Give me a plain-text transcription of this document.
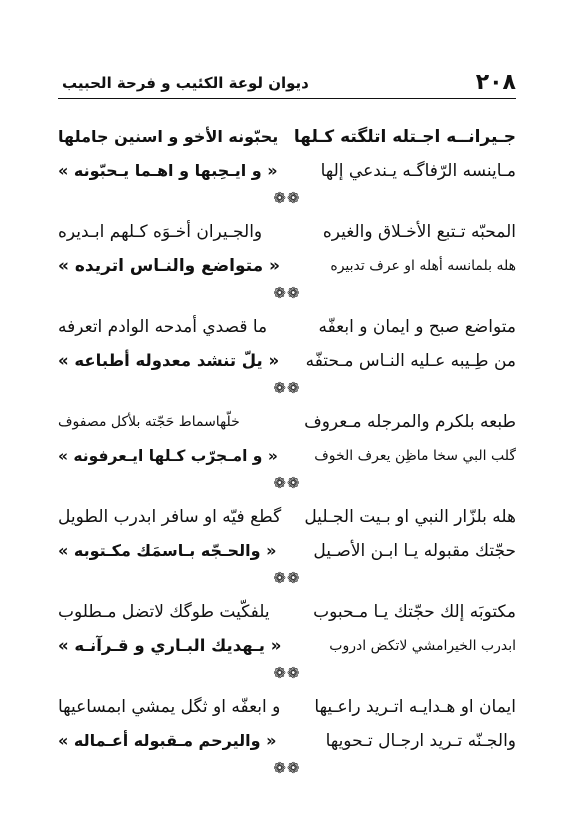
٢٠٨
ديوان لوعة الكئيب و فرحة الحبيب
جـيرانــه اجـتله اتلگته كـلها
يحبّونه الأخو و اسنين جاملها
مـاينسه الرّفاگـه يـندعي إلها
« و ايـحِبها و اهـما يـحبّونه »
❁❁
المحبّه تـتبع الأخـلاق والغيره
والجـيران أخـوَه كـلهم ابـديره
هله بلمانسه أهله او عرف تدبيره
« متواضع والنـاس اتريده »
❁❁
متواضع صبح و ايمان و ابعفّه
ما قصدي أمدحه الوادم اتعرفه
من طِـيبه عـليه النـاس مـحتفّه
« يلّ تنشد معدوله أطباعه »
❁❁
طبعه بلكرم والمرجله مـعروف
خلّهاسماط حَجّته بلأكل مصفوف
گلب البي سخا ماظِن يعرف الخوف
« و امـجرّب كـلها ايـعرفونه »
❁❁
هله بلزّار النبي او بـيت الجـليل
گطع فيّه او سافر ابدرب الطويل
حجّتك مقبوله يـا ابـن الأصـيل
« والحـجّه بـاسمَك مكـتوبه »
❁❁
مكتوبَه إلك حجّتك يـا مـحبوب
يلفكّيت طوگك لاتضل مـطلوب
ابدرب الخيرامشي لاتكض ادروب
« يـهديك البـاري و قـرآنـه »
❁❁
ايمان او هـدايـه اتـريد راعـيها
و ابعفّه او ثگل يمشي ابمساعيها
والجـنّه تـريد ارجـال تـحويها
« واليرحم مـقبوله أعـماله »
❁❁
